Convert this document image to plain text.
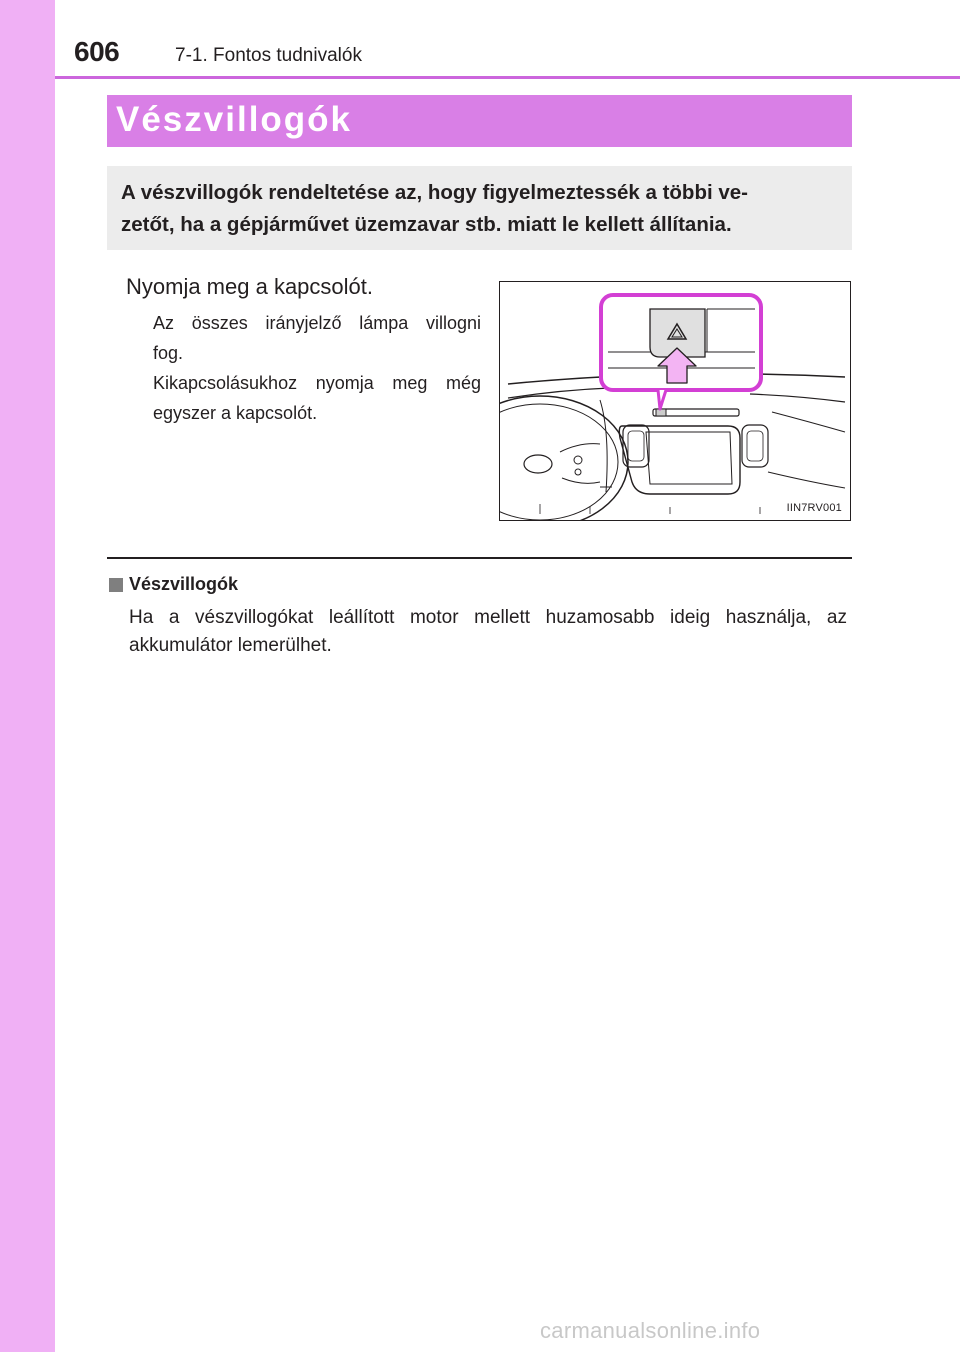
606	7-1. Fontos tudnivalók
Vészvillogók
A vészvillogók rendeltetése az, hogy figyelmeztessék a többi ve-
zetőt, ha a gépjárművet üzemzavar stb. miatt le kellett állítania.
Nyomja meg a kapcsolót.

Az összes irányjelző lámpa villogni

fog.

Kikapcsolásukhoz nyomja meg még

egyszer a kapcsolót.

IIN7RV001
Vészvillogók
Ha a vészvillogókat leállított motor mellett huzamosabb ideig használja, az akkumulátor lemerülhet.
carmanualsonline.info
